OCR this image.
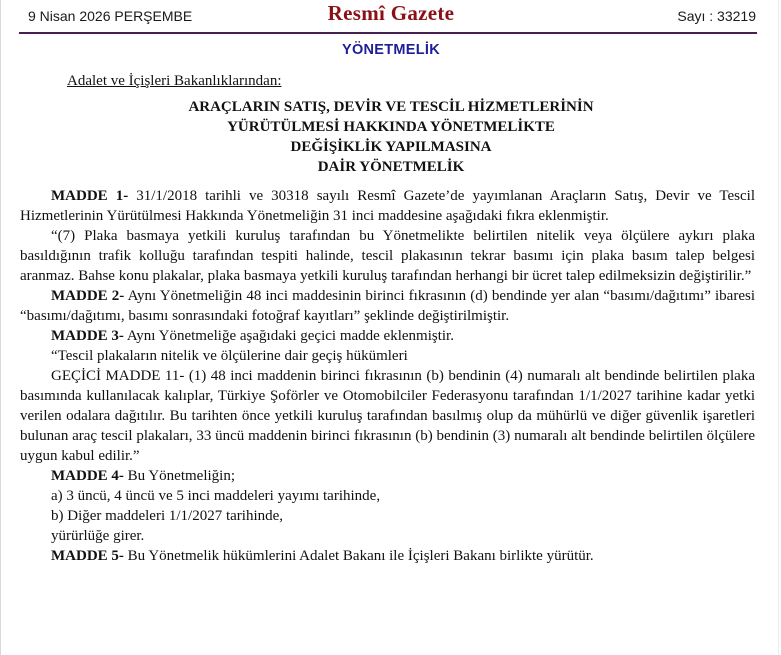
9 Nisan 2026 PERŞEMBE	Resmî Gazete	Sayı : 33219
YÖNETMELİK
Adalet ve İçişleri Bakanlıklarından:
ARAÇLARIN SATIŞ, DEVİR VE TESCİL HİZMETLERİNİN
YÜRÜTÜLMESİ HAKKINDA YÖNETMELİKTE
DEĞİŞİKLİK YAPILMASINA
DAİR YÖNETMELİK

MADDE 1- 31/1/2018 tarihli ve 30318 sayılı Resmî Gazete’de yayımlanan Araçların Satış, Devir ve Tescil Hizmetlerinin Yürütülmesi Hakkında Yönetmeliğin 31 inci maddesine aşağıdaki fıkra eklenmiştir.

“(7) Plaka basmaya yetkili kuruluş tarafından bu Yönetmelikte belirtilen nitelik veya ölçülere aykırı plaka basıldığının trafik kolluğu tarafından tespiti halinde, tescil plakasının tekrar basımı için plaka basım talep belgesi aranmaz. Bahse konu plakalar, plaka basmaya yetkili kuruluş tarafından herhangi bir ücret talep edilmeksizin değiştirilir.”

MADDE 2- Aynı Yönetmeliğin 48 inci maddesinin birinci fıkrasının (d) bendinde yer alan “basımı/dağıtımı” ibaresi “basımı/dağıtımı, basımı sonrasındaki fotoğraf kayıtları” şeklinde değiştirilmiştir.

MADDE 3- Aynı Yönetmeliğe aşağıdaki geçici madde eklenmiştir.

“Tescil plakaların nitelik ve ölçülerine dair geçiş hükümleri

GEÇİCİ MADDE 11- (1) 48 inci maddenin birinci fıkrasının (b) bendinin (4) numaralı alt bendinde belirtilen plaka basımında kullanılacak kalıplar, Türkiye Şoförler ve Otomobilciler Federasyonu tarafından 1/1/2027 tarihine kadar yetki verilen odalara dağıtılır. Bu tarihten önce yetkili kuruluş tarafından basılmış olup da mühürlü ve diğer güvenlik işaretleri bulunan araç tescil plakaları, 33 üncü maddenin birinci fıkrasının (b) bendinin (3) numaralı alt bendinde belirtilen ölçülere uygun kabul edilir.”

MADDE 4- Bu Yönetmeliğin;

a) 3 üncü, 4 üncü ve 5 inci maddeleri yayımı tarihinde,

b) Diğer maddeleri 1/1/2027 tarihinde,

yürürlüğe girer.

MADDE 5- Bu Yönetmelik hükümlerini Adalet Bakanı ile İçişleri Bakanı birlikte yürütür.
